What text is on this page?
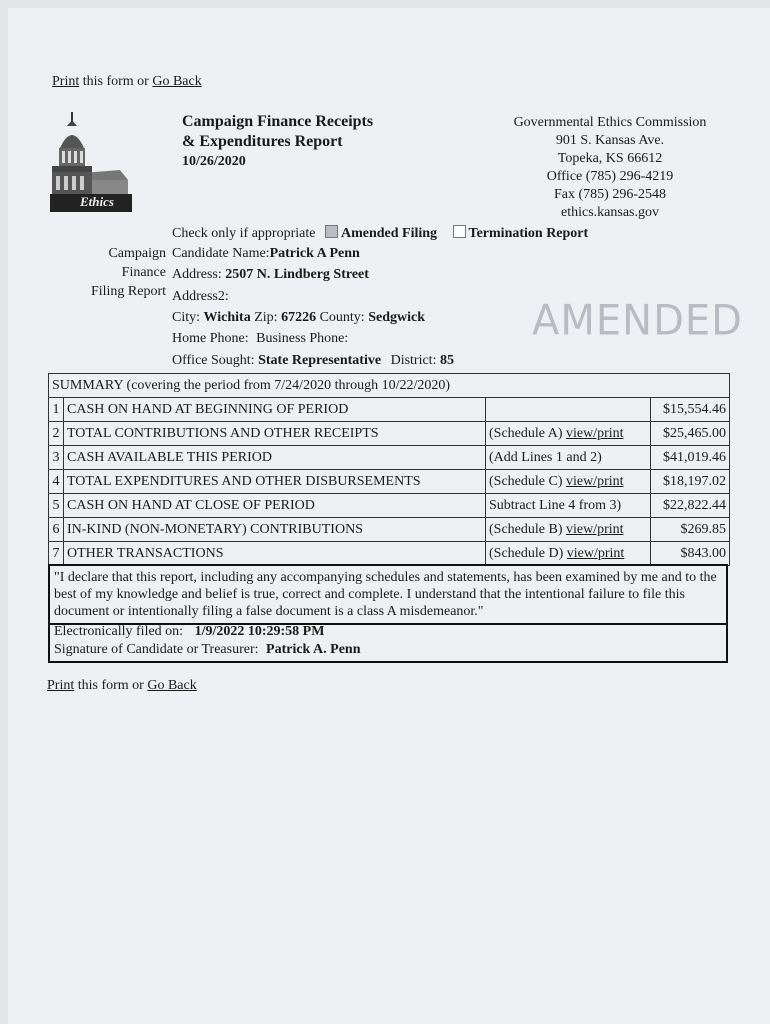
Print this form or Go Back
Ethics
Campaign Finance Receipts
& Expenditures Report
10/26/2020
Governmental Ethics Commission
901 S. Kansas Ave.
Topeka, KS 66612
Office (785) 296-4219
Fax (785) 296-2548
ethics.kansas.gov
Check only if appropriate Amended Filing Termination Report
Campaign
Finance
Filing Report
Candidate Name:Patrick A Penn
Address: 2507 N. Lindberg Street
Address2:
City: Wichita Zip: 67226 County: Sedgwick
Home Phone: Business Phone:
Office Sought: State Representative District: 85
AMENDED
SUMMARY (covering the period from 7/24/2020 through 10/22/2020)			
1	CASH ON HAND AT BEGINNING OF PERIOD		$15,554.46
2	TOTAL CONTRIBUTIONS AND OTHER RECEIPTS	(Schedule A) view/print	$25,465.00
3	CASH AVAILABLE THIS PERIOD	(Add Lines 1 and 2)	$41,019.46
4	TOTAL EXPENDITURES AND OTHER DISBURSEMENTS	(Schedule C) view/print	$18,197.02
5	CASH ON HAND AT CLOSE OF PERIOD	Subtract Line 4 from 3)	$22,822.44
6	IN-KIND (NON-MONETARY) CONTRIBUTIONS	(Schedule B) view/print	$269.85
7	OTHER TRANSACTIONS	(Schedule D) view/print	$843.00
"I declare that this report, including any accompanying schedules and statements, has been examined by me and to the best of my knowledge and belief is true, correct and complete. I understand that the intentional failure to file this document or intentionally filing a false document is a class A misdemeanor."
Electronically filed on: 1/9/2022 10:29:58 PM
Signature of Candidate or Treasurer: Patrick A. Penn
Print this form or Go Back
